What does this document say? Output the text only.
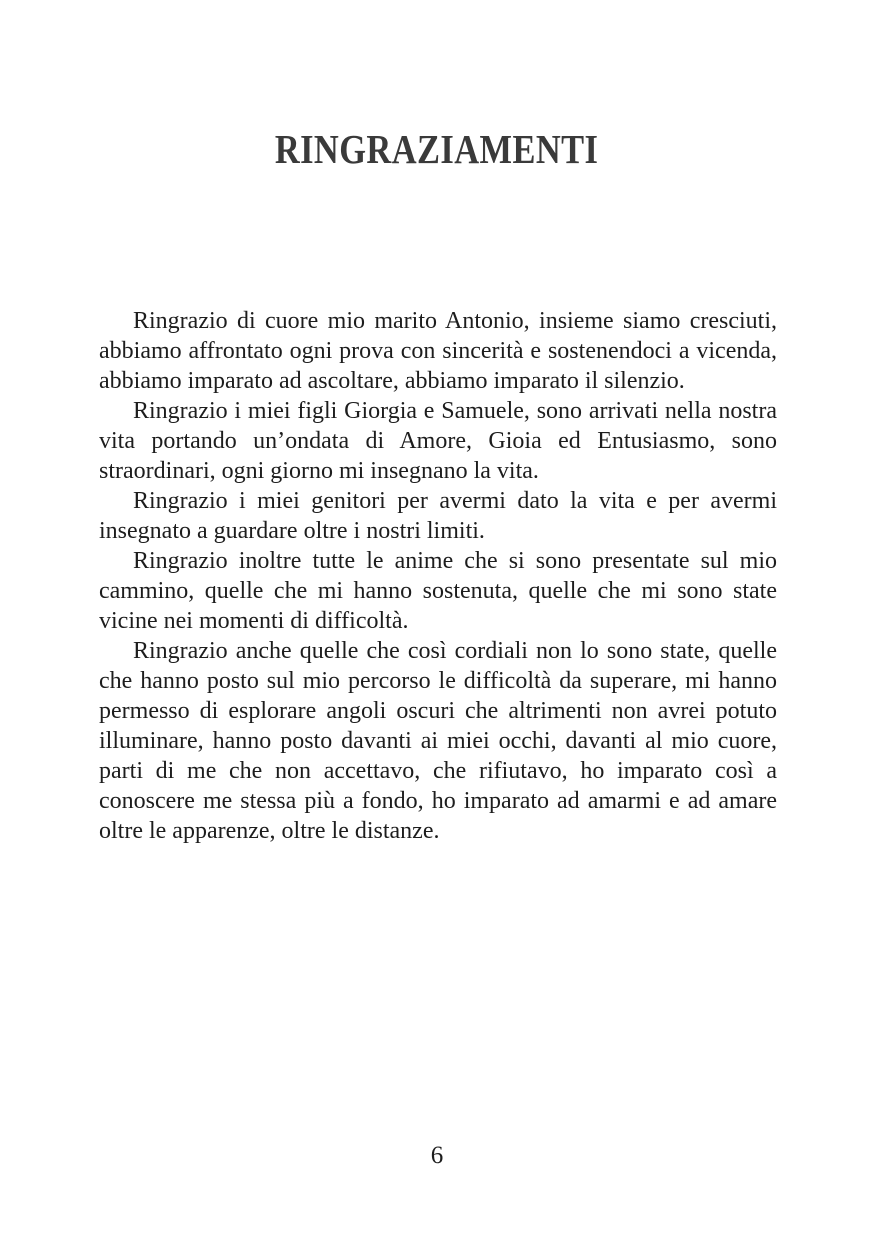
RINGRAZIAMENTI

Ringrazio di cuore mio marito Antonio, insieme siamo cresciuti, abbiamo affrontato ogni prova con sincerità e sostenendoci a vicenda, abbiamo imparato ad ascoltare, abbiamo imparato il silenzio.

Ringrazio i miei figli Giorgia e Samuele, sono arrivati nella nostra vita portando un’ondata di Amore, Gioia ed Entusiasmo, sono straordinari, ogni giorno mi insegnano la vita.

Ringrazio i miei genitori per avermi dato la vita e per avermi insegnato a guardare oltre i nostri limiti.

Ringrazio inoltre tutte le anime che si sono presentate sul mio cammino, quelle che mi hanno sostenuta, quelle che mi sono state vicine nei momenti di difficoltà.

Ringrazio anche quelle che così cordiali non lo sono state, quelle che hanno posto sul mio percorso le difficoltà da superare, mi hanno permesso di esplorare angoli oscuri che altrimenti non avrei potuto illuminare, hanno posto davanti ai miei occhi, davanti al mio cuore, parti di me che non accettavo, che rifiutavo, ho imparato così a conoscere me stessa più a fondo, ho imparato ad amarmi e ad amare oltre le apparenze, oltre le distanze.

6
